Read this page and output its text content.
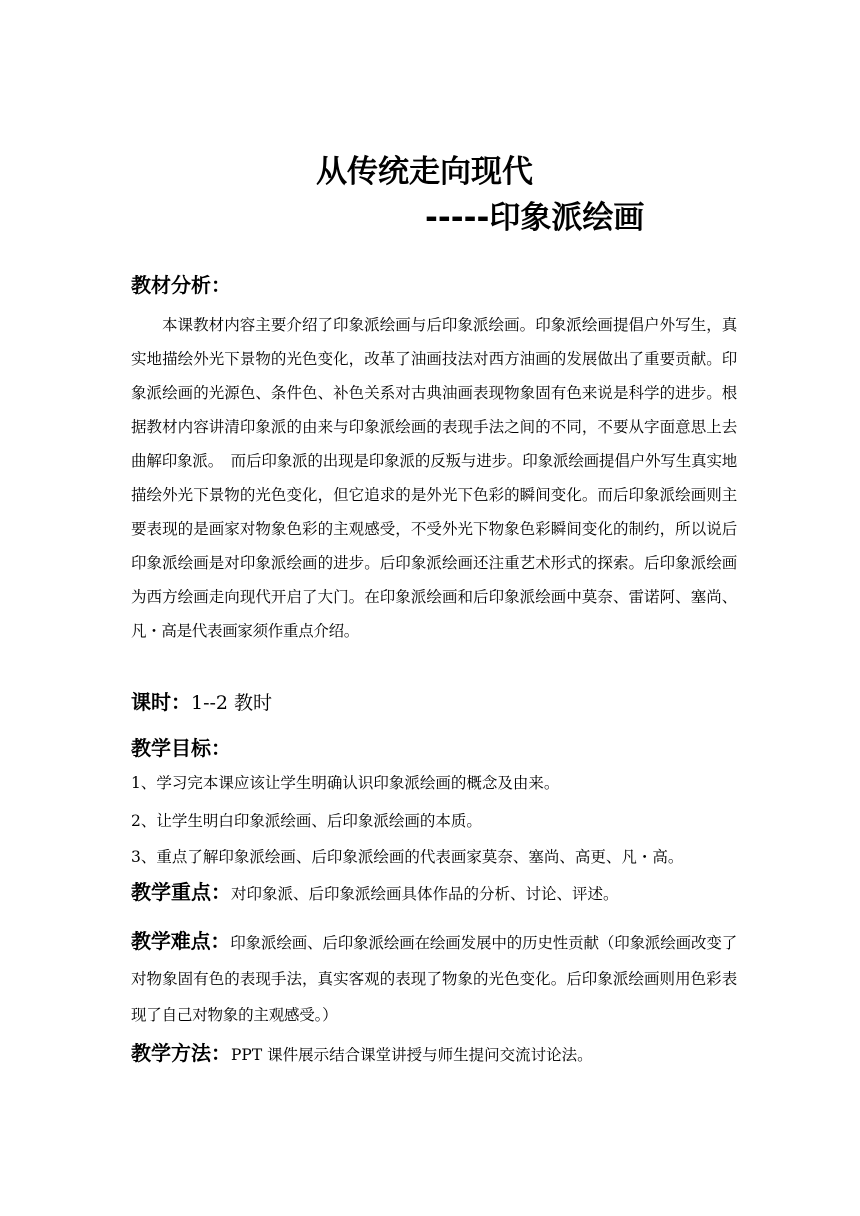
从传统走向现代
-----印象派绘画
教材分析：
本课教材内容主要介绍了印象派绘画与后印象派绘画。印象派绘画提倡户外写生，真实地描绘外光下景物的光色变化，改革了油画技法对西方油画的发展做出了重要贡献。印象派绘画的光源色、条件色、补色关系对古典油画表现物象固有色来说是科学的进步。根据教材内容讲清印象派的由来与印象派绘画的表现手法之间的不同，不要从字面意思上去曲解印象派。　而后印象派的出现是印象派的反叛与进步。印象派绘画提倡户外写生真实地描绘外光下景物的光色变化，但它追求的是外光下色彩的瞬间变化。而后印象派绘画则主要表现的是画家对物象色彩的主观感受，不受外光下物象色彩瞬间变化的制约，所以说后印象派绘画是对印象派绘画的进步。后印象派绘画还注重艺术形式的探索。后印象派绘画为西方绘画走向现代开启了大门。在印象派绘画和后印象派绘画中莫奈、雷诺阿、塞尚、凡・高是代表画家须作重点介绍。
课时：1--2 教时
教学目标：
1、学习完本课应该让学生明确认识印象派绘画的概念及由来。
2、让学生明白印象派绘画、后印象派绘画的本质。
3、重点了解印象派绘画、后印象派绘画的代表画家莫奈、塞尚、高更、凡・高。
教学重点：对印象派、后印象派绘画具体作品的分析、讨论、评述。
教学难点：印象派绘画、后印象派绘画在绘画发展中的历史性贡献（印象派绘画改变了对物象固有色的表现手法，真实客观的表现了物象的光色变化。后印象派绘画则用色彩表现了自己对物象的主观感受。）
教学方法：PPT 课件展示结合课堂讲授与师生提问交流讨论法。
